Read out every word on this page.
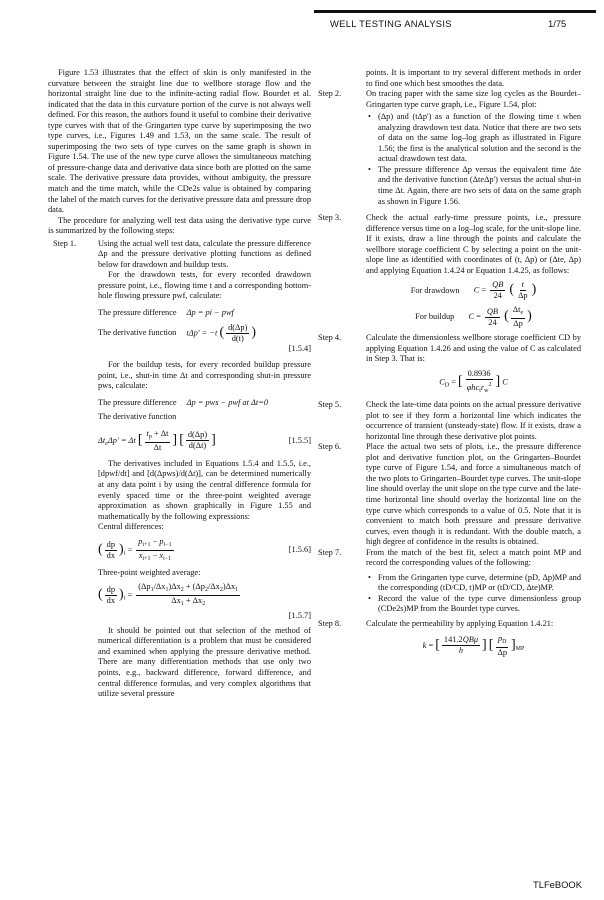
WELL TESTING ANALYSIS	1/75

Figure 1.53 illustrates that the effect of skin is only manifested in the curvature between the straight line due to wellbore storage flow and the horizontal straight line due to the infinite-acting radial flow. Bourdet et al. indicated that the data in this curvature portion of the curve is not always well defined. For this reason, the authors found it useful to combine their derivative type curves with that of the Gringarten type curve by superimposing the two type curves, i.e., Figures 1.49 and 1.53, on the same scale. The result of superimposing the two sets of type curves on the same graph is shown in Figure 1.54. The use of the new type curve allows the simultaneous matching of pressure-change data and derivative data since both are plotted on the same scale. The derivative pressure data provides, without ambiguity, the pressure match and the time match, while the CDe2s value is obtained by comparing the label of the match curves for the derivative pressure data and pressure drop data.

The procedure for analyzing well test data using the derivative type curve is summarized by the following steps:

Step 1.	Using the actual well test data, calculate the pressure difference Δp and the pressure derivative plotting functions as defined below for drawdown and buildup tests.

For the drawdown tests, for every recorded drawdown pressure point, i.e., flowing time t and a corresponding bottom-hole flowing pressure pwf, calculate:

The pressure difference Δp = pi − pwf
The derivative function tΔp' = −t ( $\frac{d(\Delta p)}{d(t)}$ )
[1.5.4]

For the buildup tests, for every recorded buildup pressure point, i.e., shut-in time Δt and corresponding shut-in pressure pws, calculate:

The pressure difference Δp = pws − pwf at Δt=0

The derivative function

$\Delta t_e\Delta p' = \Delta t$ [ $\frac{t_p + \Delta t}{\Delta t}$ ] [ $\frac{d(\Delta p)}{d(\Delta t)}$ ]	[1.5.5]

The derivatives included in Equations 1.5.4 and 1.5.5, i.e., [dpwf/dt] and [d(Δpws)/d(Δt)], can be determined numerically at any data point i by using the central difference formula for evenly spaced time or the three-point weighted average approximation as shown graphically in Figure 1.55 and mathematically by the following expressions:

Central differences:

( $\frac{dp}{dx} )_i = \frac{p_{i+1} - p_{i-1}}{x_{i+1} - x_{i-1}}$	[1.5.6]

Three-point weighted average:

( $\frac{dp}{dx} )_i = \frac{(\Delta p_1/\Delta x_1)\Delta x_2 + (\Delta p_2/\Delta x_2)\Delta x_1}{\Delta x_1 + \Delta x_2}$
[1.5.7]

It should be pointed out that selection of the method of numerical differentiation is a problem that must be considered and examined when applying the pressure derivative method. There are many differentiation methods that use only two points, e.g., backward difference, forward difference, and central difference formulas, and very complex algorithms that utilize several pressure

points. It is important to try several different methods in order to find one which best smoothes the data.

Step 2.	On tracing paper with the same size log cycles as the Bourdet–Gringarten type curve graph, i.e., Figure 1.54, plot:

• (Δp) and (tΔp') as a function of the flowing time t when analyzing drawdown test data. Notice that there are two sets of data on the same log–log graph as illustrated in Figure 1.56; the first is the analytical solution and the second is the actual drawdown test data.

• The pressure difference Δp versus the equivalent time Δte and the derivative function (ΔteΔp') versus the actual shut-in time Δt. Again, there are two sets of data on the same graph as shown in Figure 1.56.

Step 3.	Check the actual early-time pressure points, i.e., pressure difference versus time on a log–log scale, for the unit-slope line. If it exists, draw a line through the points and calculate the wellbore storage coefficient C by selecting a point on the unit-slope line as identified with coordinates of (t, Δp) or (Δte, Δp) and applying Equation 1.4.24 or Equation 1.4.25, as follows:

For drawdown $C = \frac{QB}{24}$ ( $\frac{t}{\Delta p}$ )
For buildup $C = \frac{QB}{24}$ ( $\frac{\Delta t_e}{\Delta p}$ )
Step 4.	Calculate the dimensionless wellbore storage coefficient CD by applying Equation 1.4.26 and using the value of C as calculated in Step 3. That is:

$C_D$ = [ $\frac{0.8936}{\varphi hc_tr_w^2}$ ] C
Step 5.	Check the late-time data points on the actual pressure derivative plot to see if they form a horizontal line which indicates the occurrence of transient (unsteady-state) flow. If it exists, draw a horizontal line through these derivative plot points.

Step 6.	Place the actual two sets of plots, i.e., the pressure difference plot and derivative function plot, on the Gringarten–Bourdet type curve of Figure 1.54, and force a simultaneous match of the two plots to Gringarten–Bourdet type curves. The unit-slope line should overlay the unit slope on the type curve and the late-time horizontal line should overlay the horizontal line on the type curve which corresponds to a value of 0.5. Note that it is convenient to match both pressure and pressure derivative curves, even though it is redundant. With the double match, a high degree of confidence in the results is obtained.

Step 7.	From the match of the best fit, select a match point MP and record the corresponding values of the following:

• From the Gringarten type curve, determine (pD, Δp)MP and the corresponding (tD/CD, t)MP or (tD/CD, Δte)MP.

• Record the value of the type curve dimensionless group (CDe2s)MP from the Bourdet type curves.

Step 8.	Calculate the permeability by applying Equation 1.4.21:

k = [ $\frac{\text{141.2QBμ}}{h}$ ] [ $\frac{p_D}{\Delta p} ]_{MP}$
TLFeBOOK
